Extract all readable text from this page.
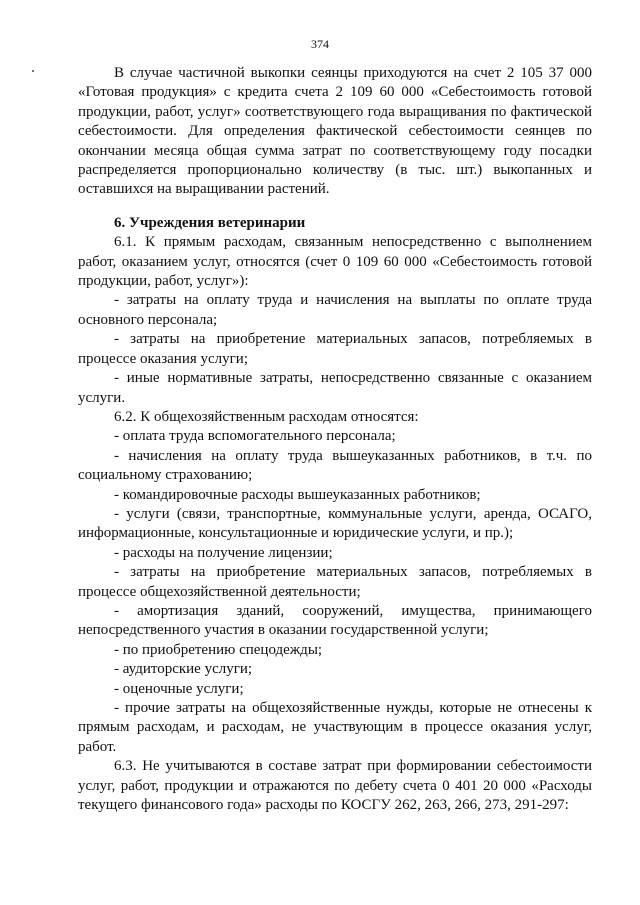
374

В случае частичной выкопки сеянцы приходуются на счет 2 105 37 000 «Готовая продукция» с кредита счета 2 109 60 000 «Себестоимость готовой продукции, работ, услуг» соответствующего года выращивания по фактической себестоимости. Для определения фактической себестоимости сеянцев по окончании месяца общая сумма затрат по соответствующему году посадки распределяется пропорционально количеству (в тыс. шт.) выкопанных и оставшихся на выращивании растений.

6. Учреждения ветеринарии

6.1. К прямым расходам, связанным непосредственно с выполнением работ, оказанием услуг, относятся (счет 0 109 60 000 «Себестоимость готовой продукции, работ, услуг»):

- затраты на оплату труда и начисления на выплаты по оплате труда основного персонала;

- затраты на приобретение материальных запасов, потребляемых в процессе оказания услуги;

- иные нормативные затраты, непосредственно связанные с оказанием услуги.

6.2. К общехозяйственным расходам относятся:

- оплата труда вспомогательного персонала;

- начисления на оплату труда вышеуказанных работников, в т.ч. по социальному страхованию;

- командировочные расходы вышеуказанных работников;

- услуги (связи, транспортные, коммунальные услуги, аренда, ОСАГО, информационные, консультационные и юридические услуги, и пр.);

- расходы на получение лицензии;

- затраты на приобретение материальных запасов, потребляемых в процессе общехозяйственной деятельности;

- амортизация зданий, сооружений, имущества, принимающего непосредственного участия в оказании государственной услуги;

- по приобретению спецодежды;

- аудиторские услуги;

- оценочные услуги;

- прочие затраты на общехозяйственные нужды, которые не отнесены к прямым расходам, и расходам, не участвующим в процессе оказания услуг, работ.

6.3. Не учитываются в составе затрат при формировании себестоимости услуг, работ, продукции и отражаются по дебету счета 0 401 20 000 «Расходы текущего финансового года» расходы по КОСГУ 262, 263, 266, 273, 291-297:
